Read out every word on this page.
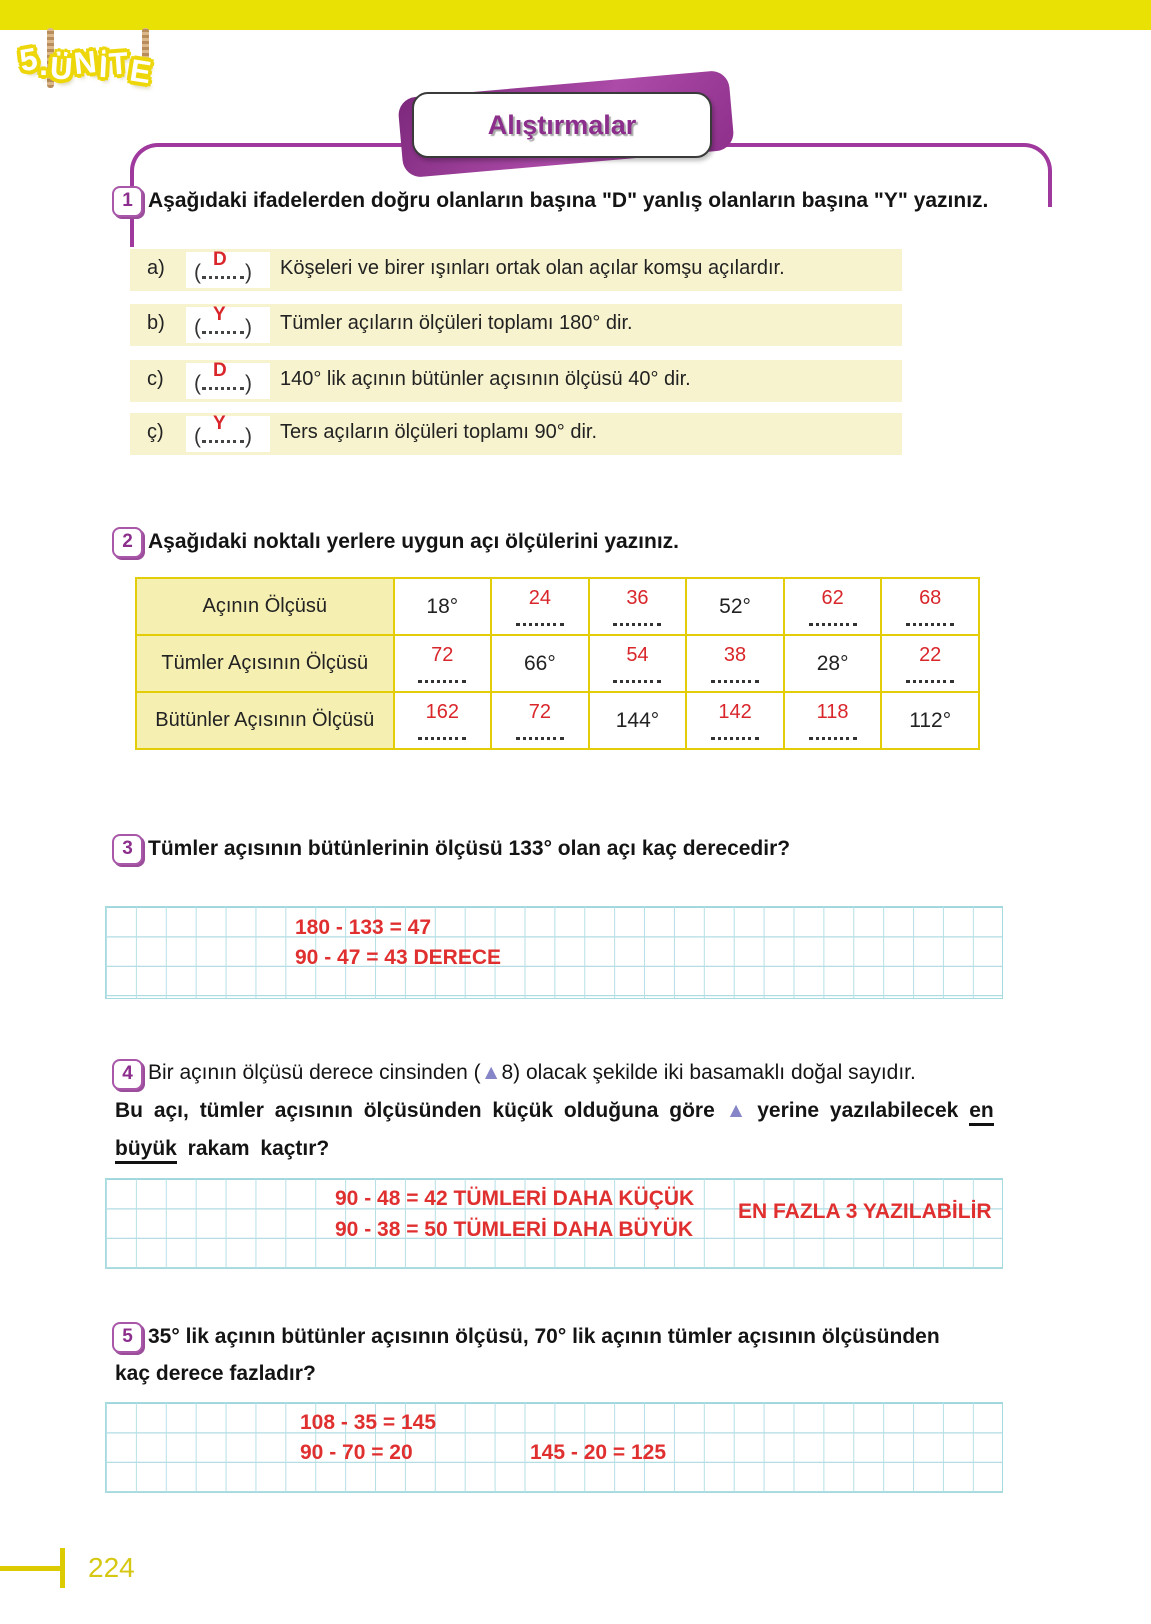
5.ÜNİTE
Alıştırmalar
1 Aşağıdaki ifadelerden doğru olanların başına "D" yanlış olanların başına "Y" yazınız.
a) (
D
) Köşeleri ve birer ışınları ortak olan açılar komşu açılardır.
b) (
Y
) Tümler açıların ölçüleri toplamı 180° dir.
c) (
D
) 140° lik açının bütünler açısının ölçüsü 40° dir.
ç) (
Y
) Ters açıların ölçüleri toplamı 90° dir.
2 Aşağıdaki noktalı yerlere uygun açı ölçülerini yazınız.
Açının Ölçüsü	18°	24	36	52°	62	68

Tümler Açısının Ölçüsü	72	66°	54	38	28°	22

Bütünler Açısının Ölçüsü	162	72	144°	142	118	112°
3 Tümler açısının bütünlerinin ölçüsü 133° olan açı kaç derecedir?
180 - 133 = 47
90 - 47 = 43 DERECE
4 Bir açının ölçüsü derece cinsinden (▲8) olacak şekilde iki basamaklı doğal sayıdır.
Bu açı, tümler açısının ölçüsünden küçük olduğuna göre ▲ yerine yazılabilecek en
büyük rakam kaçtır?
90 - 48 = 42 TÜMLERİ DAHA KÜÇÜK
90 - 38 = 50 TÜMLERİ DAHA BÜYÜK
EN FAZLA 3 YAZILABİLİR
5 35° lik açının bütünler açısının ölçüsü, 70° lik açının tümler açısının ölçüsünden
kaç derece fazladır?
108 - 35 = 145
90 - 70 = 20	145 - 20 = 125
224
